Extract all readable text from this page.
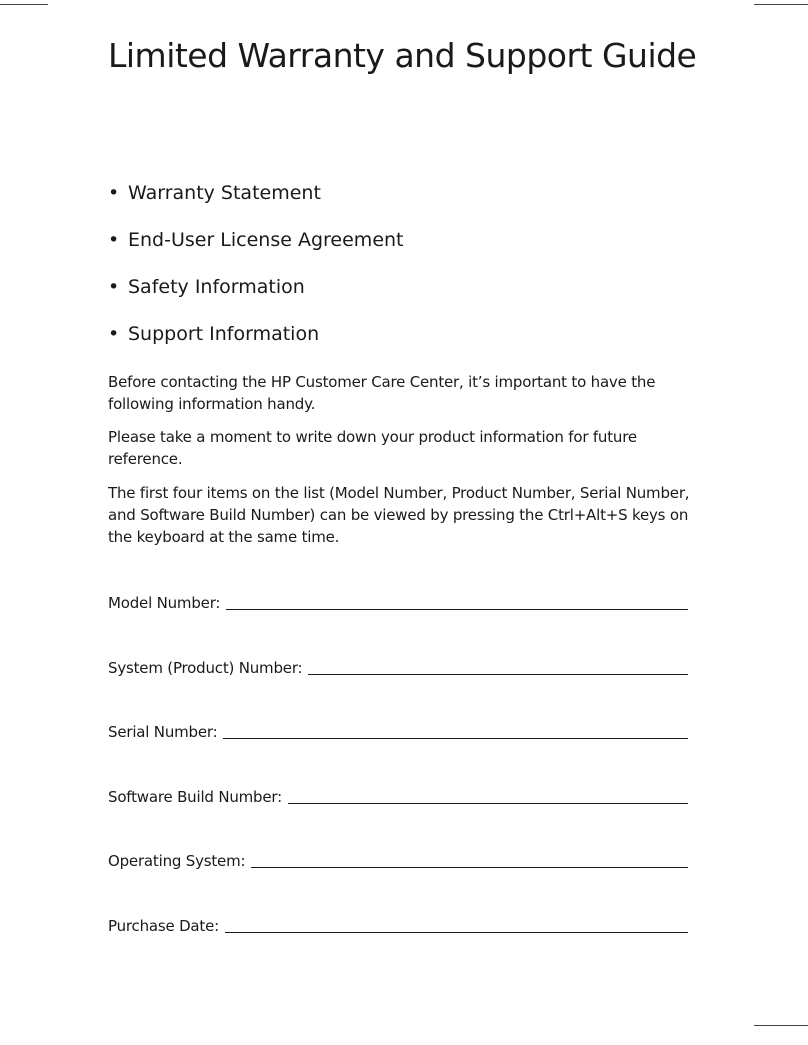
Limited Warranty and Support Guide
• Warranty Statement
• End-User License Agreement
• Safety Information
• Support Information

Before contacting the HP Customer Care Center, it’s important to have the following information handy.

Please take a moment to write down your product information for future reference.

The first four items on the list (Model Number, Product Number, Serial Number, and Software Build Number) can be viewed by pressing the Ctrl+Alt+S keys on the keyboard at the same time.

Model Number:
System (Product) Number:
Serial Number:
Software Build Number:
Operating System:
Purchase Date:
